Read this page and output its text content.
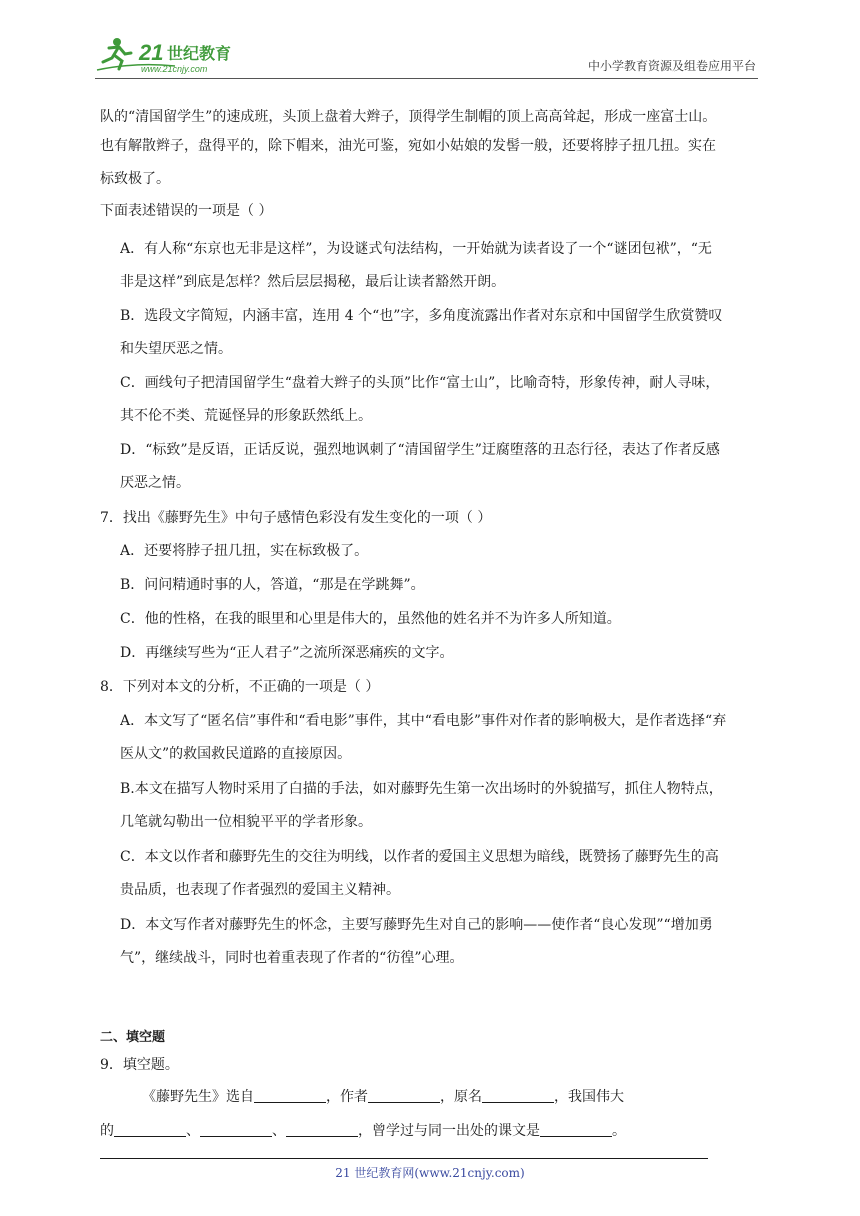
21 世纪教育
www.21cnjy.com	中小学教育资源及组卷应用平台
队的“清国留学生”的速成班，头顶上盘着大辫子，顶得学生制帽的顶上高高耸起，形成一座富士山。
也有解散辫子，盘得平的，除下帽来，油光可鉴，宛如小姑娘的发髻一般，还要将脖子扭几扭。实在
标致极了。
下面表述错误的一项是（ ）
A．有人称“东京也无非是这样”，为设谜式句法结构，一开始就为读者设了一个“谜团包袱”，“无
非是这样”到底是怎样？然后层层揭秘，最后让读者豁然开朗。
B．选段文字简短，内涵丰富，连用 4 个“也”字，多角度流露出作者对东京和中国留学生欣赏赞叹
和失望厌恶之情。
C．画线句子把清国留学生“盘着大辫子的头顶”比作“富士山”，比喻奇特，形象传神，耐人寻味，
其不伦不类、荒诞怪异的形象跃然纸上。
D．“标致”是反语，正话反说，强烈地讽刺了“清国留学生”迂腐堕落的丑态行径，表达了作者反感
厌恶之情。
7．找出《藤野先生》中句子感情色彩没有发生变化的一项（ ）
A．还要将脖子扭几扭，实在标致极了。
B．问问精通时事的人，答道，“那是在学跳舞”。
C．他的性格，在我的眼里和心里是伟大的，虽然他的姓名并不为许多人所知道。
D．再继续写些为“正人君子”之流所深恶痛疾的文字。
8．下列对本文的分析，不正确的一项是（ ）
A．本文写了“匿名信”事件和“看电影”事件，其中“看电影”事件对作者的影响极大，是作者选择“弃
医从文”的救国救民道路的直接原因。
B.本文在描写人物时采用了白描的手法，如对藤野先生第一次出场时的外貌描写，抓住人物特点，
几笔就勾勒出一位相貌平平的学者形象。
C．本文以作者和藤野先生的交往为明线，以作者的爱国主义思想为暗线，既赞扬了藤野先生的高
贵品质，也表现了作者强烈的爱国主义精神。
D．本文写作者对藤野先生的怀念，主要写藤野先生对自己的影响——使作者“良心发现”“增加勇
气”，继续战斗，同时也着重表现了作者的“彷徨”心理。
二、填空题
9．填空题。
《藤野先生》选自	，作者	，原名	，我国伟大
的	、	、	，曾学过与同一出处的课文是	。
21 世纪教育网(www.21cnjy.com)
